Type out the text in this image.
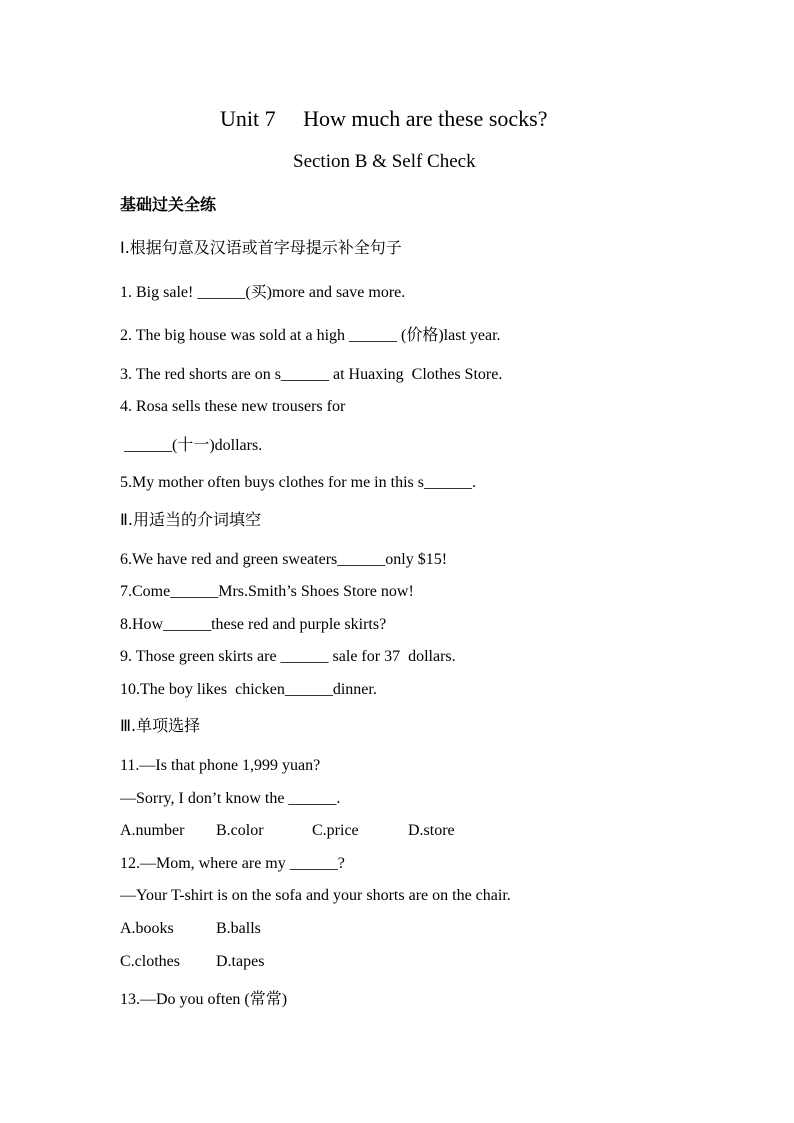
Unit 7　 How much are these socks?
Section B & Self Check
基础过关全练
Ⅰ.根据句意及汉语或首字母提示补全句子
1. Big sale! ______(买)more and save more.
2. The big house was sold at a high ______ (价格)last year.
3. The red shorts are on s______ at Huaxing  Clothes Store.
4. Rosa sells these new trousers for
______(十一)dollars.
5.My mother often buys clothes for me in this s______.
Ⅱ.用适当的介词填空
6.We have red and green sweaters______only $15!
7.Come______Mrs.Smith’s Shoes Store now!
8.How______these red and purple skirts?
9. Those green skirts are ______ sale for 37  dollars.
10.The boy likes  chicken______dinner.
Ⅲ.单项选择
11.—Is that phone 1,999 yuan?
—Sorry, I don’t know the ______.
A.number B.color	C.price	D.store
12.—Mom, where are my ______?
—Your T-shirt is on the sofa and your shorts are on the chair.
A.books	B.balls
C.clothes D.tapes
13.—Do you often (常常)
